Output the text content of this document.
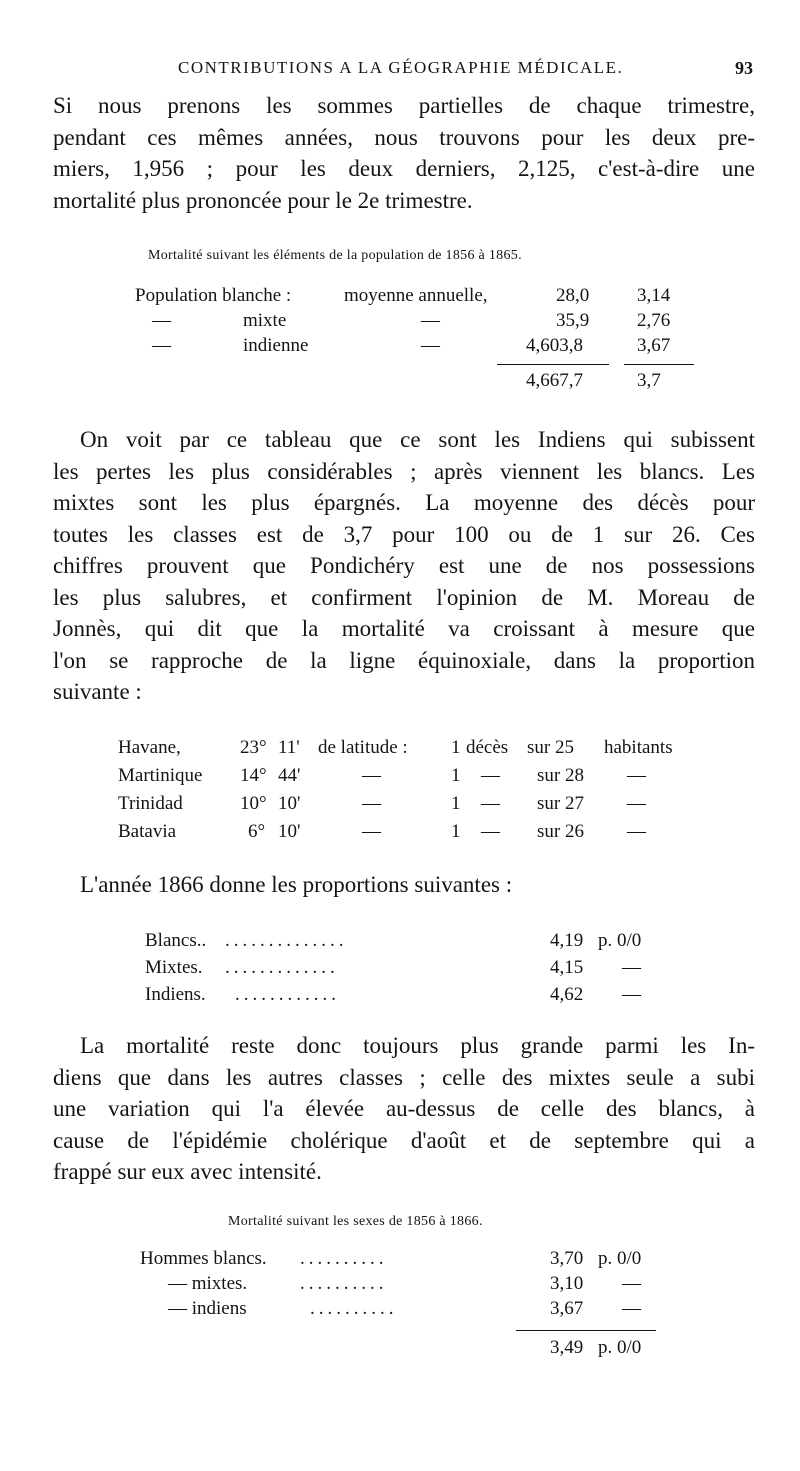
CONTRIBUTIONS A LA GÉOGRAPHIE MÉDICALE.	93
Si nous prenons les sommes partielles de chaque trimestre,
pendant ces mêmes années, nous trouvons pour les deux pre-
miers, 1,956 ; pour les deux derniers, 2,125, c'est-à-dire une
mortalité plus prononcée pour le 2e trimestre.
Mortalité suivant les éléments de la population de 1856 à 1865.
Population blanche :	moyenne annuelle,	28,0	3,14
—	mixte	—	35,9	2,76
—	indienne	—	4,603,8	3,67
4,667,7	3,7
On voit par ce tableau que ce sont les Indiens qui subissent
les pertes les plus considérables ; après viennent les blancs. Les
mixtes sont les plus épargnés. La moyenne des décès pour
toutes les classes est de 3,7 pour 100 ou de 1 sur 26. Ces
chiffres prouvent que Pondichéry est une de nos possessions
les plus salubres, et confirment l'opinion de M. Moreau de
Jonnès, qui dit que la mortalité va croissant à mesure que
l'on se rapproche de la ligne équinoxiale, dans la proportion
suivante :
Havane,	23° 11' de latitude : 1 décès sur 25 habitants
Martinique 14° 44'	—	1 — sur 28 —
Trinidad	10° 10'	—	1 — sur 27 —
Batavia	6° 10'	—	1 — sur 26 —
L'année 1866 donne les proportions suivantes :
Blancs.. ..............	4,19 p. 0/0
Mixtes. .............	4,15 —
Indiens. ............	4,62 —
La mortalité reste donc toujours plus grande parmi les In-
diens que dans les autres classes ; celle des mixtes seule a subi
une variation qui l'a élevée au-dessus de celle des blancs, à
cause de l'épidémie cholérique d'août et de septembre qui a
frappé sur eux avec intensité.
Mortalité suivant les sexes de 1856 à 1866.
Hommes blancs. ..........	3,70 p. 0/0
— mixtes.	..........	3,10 —
— indiens	..........	3,67 —
3,49 p. 0/0
